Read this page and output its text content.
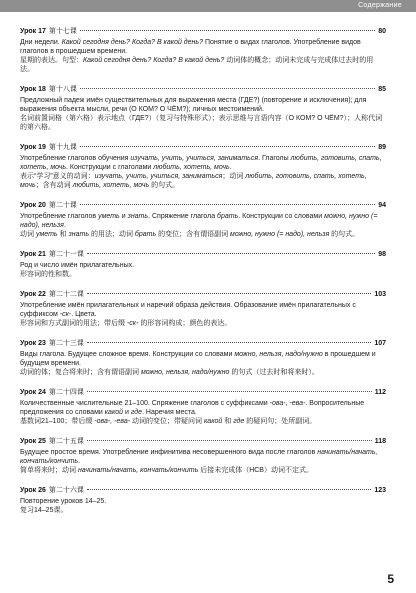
Содержание
Урок 17 第十七课	80
Дни недели. Какой сегодня день? Когда? В какой день? Понятие о видах глаголов. Употребление видов глаголов в прошедшем времени.
星期的表达。句型：Какой сегодня день? Когда? В какой день? 动词体的概念；动词未完成与完成体过去时的用法。
Урок 18 第十八课	85
Предложный падеж имён существительных для выражения места (ГДЕ?) (повторение и исключения); для выражения объекта мысли, речи (О КОМ? О ЧЁМ?); личных местоимений.
名词前置词格（第六格）表示地点（ГДЕ?）（复习与特殊形式）；表示思维与言语内容（О КОМ? О ЧЁМ?）；人称代词的第六格。
Урок 19 第十九课	89
Употребление глаголов обучения изучать, учить, учиться, заниматься. Глаголы любить, готовить, спать, хотеть, мочь. Конструкции с глаголами любить, хотеть, мочь.
表示“学习”意义的动词：изучать, учить, учиться, заниматься；动词 любить, готовить, спать, хотеть, мочь；含有动词 любить, хотеть, мочь 的句式。
Урок 20 第二十课	94
Употребление глаголов уметь и знать. Спряжение глагола брать. Конструкции со словами можно, нужно (= надо), нельзя.
动词 уметь 和 знать 的用法；动词 брать 的变位；含有谓语副词 можно, нужно (= надо), нельзя 的句式。
Урок 21 第二十一课	98
Род и число имён прилагательных.
形容词的性和数。
Урок 22 第二十二课	103
Употребление имён прилагательных и наречий образа действия. Образование имён прилагательных с суффиксом -ск-. Цвета.
形容词和方式副词的用法；带后缀 -ск- 的形容词构成；颜色的表达。
Урок 23 第二十三课	107
Виды глагола. Будущее сложное время. Конструкции со словами можно, нельзя, надо/нужно в прошедшем и будущем времени.
动词的体；复合将来时；含有谓语副词 можно, нельзя, надо/нужно 的句式（过去时和将来时）。
Урок 24 第二十四课	112
Количественные числительные 21–100. Спряжение глаголов с суффиксами -ова-, -ева-. Вопросительные предложения со словами какой и где. Наречия места.
基数词21–100；带后缀 -ова-, -ева- 动词的变位；带疑问词 какой 和 где 的疑问句；处所副词。
Урок 25 第二十五课	118
Будущее простое время. Употребление инфинитива несовершенного вида после глаголов начинать/начать, кончать/кончить.
简单将来时；动词 начинать/начать, кончать/кончить 后接未完成体（НСВ）动词不定式。
Урок 26 第二十六课	123
Повторение уроков 14–25.
复习14–25课。
5
